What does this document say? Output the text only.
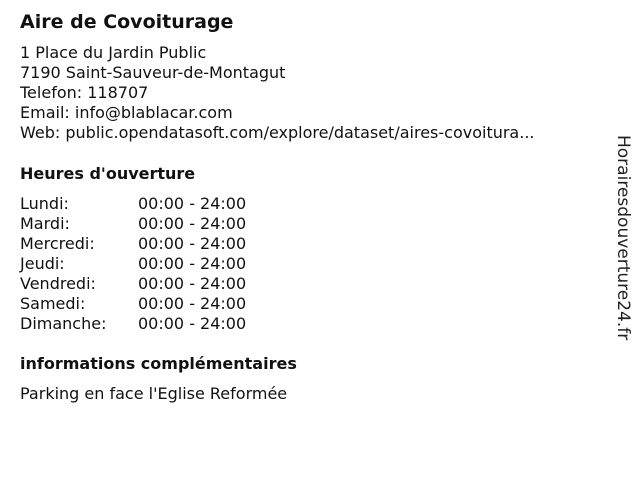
Aire de Covoiturage
1 Place du Jardin Public
7190 Saint-Sauveur-de-Montagut
Telefon: 118707
Email: info@blablacar.com
Web: public.opendatasoft.com/explore/dataset/aires-covoitura...
Heures d'ouverture
Lundi:	00:00 - 24:00
Mardi:	00:00 - 24:00
Mercredi:	00:00 - 24:00
Jeudi:	00:00 - 24:00
Vendredi:	00:00 - 24:00
Samedi:	00:00 - 24:00
Dimanche: 00:00 - 24:00
informations complémentaires
Parking en face l'Eglise Reformée
Horairesdouverture24.fr
